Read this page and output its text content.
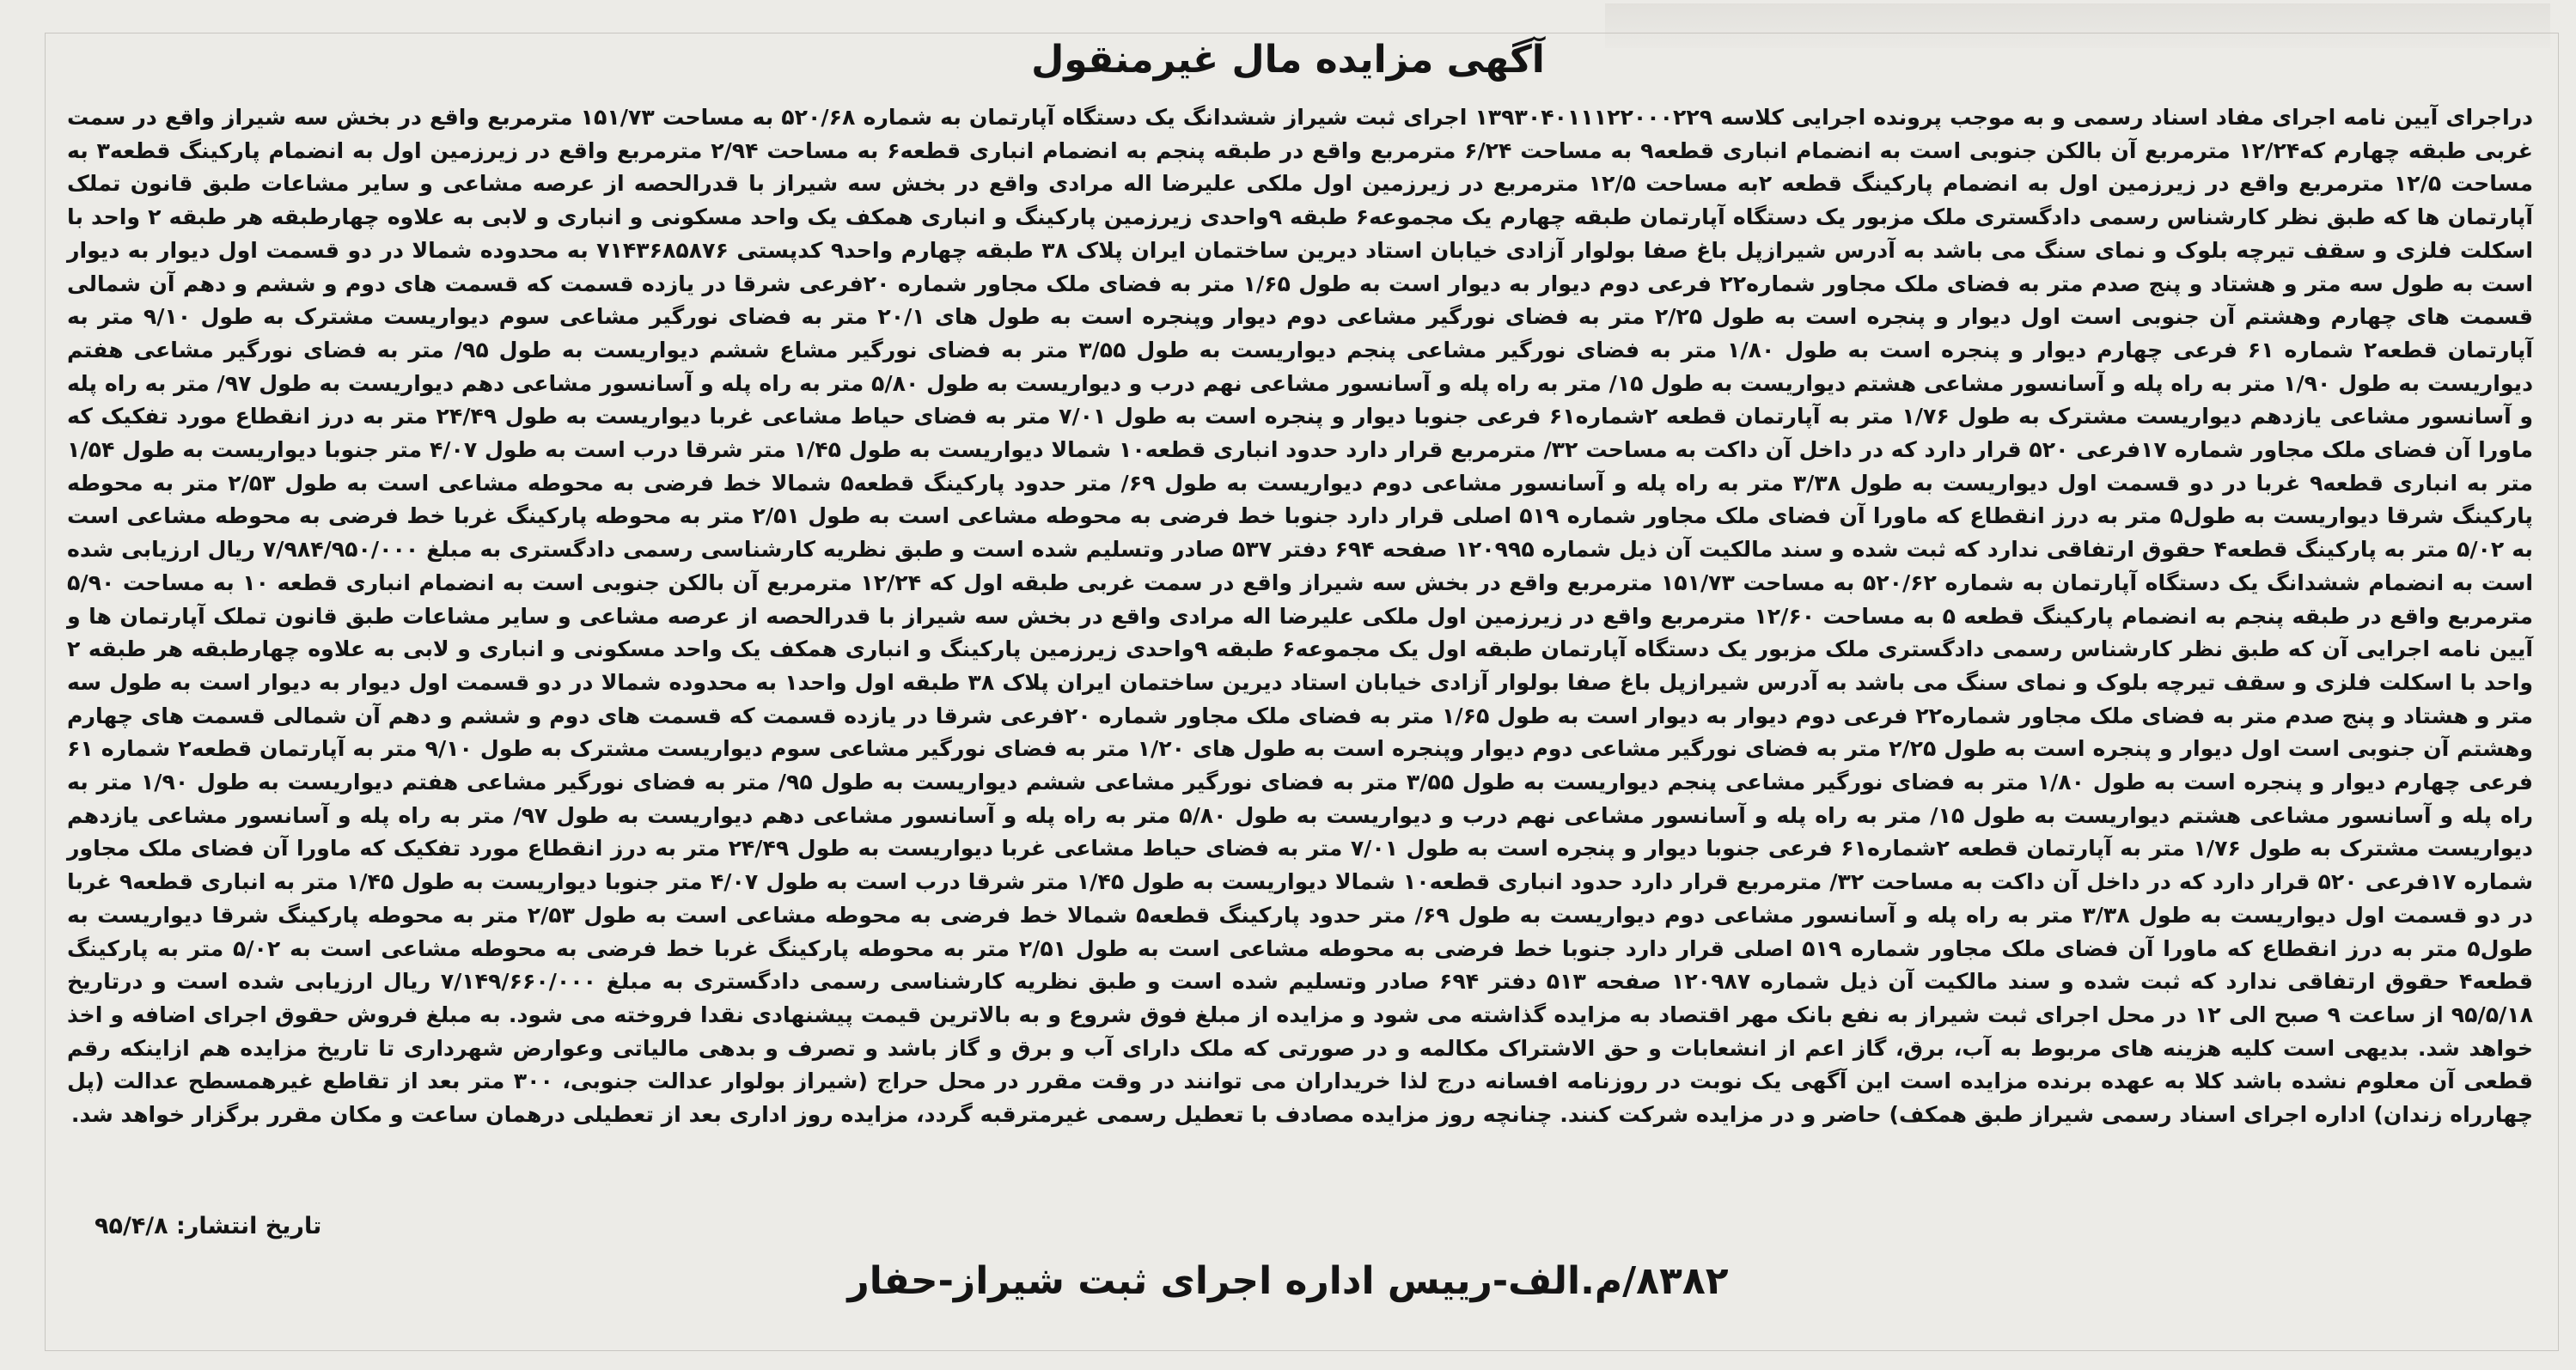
آگهی مزایده مال غیرمنقول

دراجرای آیین نامه اجرای مفاد اسناد رسمی و به موجب پرونده اجرایی کلاسه ۱۳۹۳۰۴۰۱۱۱۲۲۰۰۰۲۲۹ اجرای ثبت شیراز ششدانگ یک دستگاه آپارتمان به شماره ۵۲۰/۶۸ به مساحت ۱۵۱/۷۳ مترمربع واقع در بخش سه شیراز واقع در سمت غربی طبقه چهارم که۱۲/۲۴ مترمربع آن بالکن جنوبی است به انضمام انباری قطعه۹ به مساحت ۶/۲۴ مترمربع واقع در طبقه پنجم به انضمام انباری قطعه۶ به مساحت ۲/۹۴ مترمربع واقع در زیرزمین اول به انضمام پارکینگ قطعه۳ به مساحت ۱۲/۵ مترمربع واقع در زیرزمین اول به انضمام پارکینگ قطعه ۲به مساحت ۱۲/۵ مترمربع در زیرزمین اول ملکی علیرضا اله مرادی واقع در بخش سه شیراز با قدرالحصه از عرصه مشاعی و سایر مشاعات طبق قانون تملک آپارتمان ها که طبق نظر کارشناس رسمی دادگستری ملک مزبور یک دستگاه آپارتمان طبقه چهارم یک مجموعه۶ طبقه ۹واحدی زیرزمین پارکینگ و انباری همکف یک واحد مسکونی و انباری و لابی به علاوه چهارطبقه هر طبقه ۲ واحد با اسکلت فلزی و سقف تیرچه بلوک و نمای سنگ می باشد به آدرس شیرازپل باغ صفا بولوار آزادی خیابان استاد دیرین ساختمان ایران پلاک ۳۸ طبقه چهارم واحد۹ کدپستی ۷۱۴۳۶۸۵۸۷۶ به محدوده شمالا در دو قسمت اول دیوار به دیوار است به طول سه متر و هشتاد و پنج صدم متر به فضای ملک مجاور شماره۲۲ فرعی دوم دیوار به دیوار است به طول ۱/۶۵ متر به فضای ملک مجاور شماره ۲۰فرعی شرقا در یازده قسمت که قسمت های دوم و ششم و دهم آن شمالی قسمت های چهارم وهشتم آن جنوبی است اول دیوار و پنجره است به طول ۲/۲۵ متر به فضای نورگیر مشاعی دوم دیوار وپنجره است به طول های ۲۰/۱ متر به فضای نورگیر مشاعی سوم دیواریست مشترک به طول ۹/۱۰ متر به آپارتمان قطعه۲ شماره ۶۱ فرعی چهارم دیوار و پنجره است به طول ۱/۸۰ متر به فضای نورگیر مشاعی پنجم دیواریست به طول ۳/۵۵ متر به فضای نورگیر مشاع ششم دیواریست به طول ۹۵/ متر به فضای نورگیر مشاعی هفتم دیواریست به طول ۱/۹۰ متر به راه پله و آسانسور مشاعی هشتم دیواریست به طول ۱۵/ متر به راه پله و آسانسور مشاعی نهم درب و دیواریست به طول ۵/۸۰ متر به راه پله و آسانسور مشاعی دهم دیواریست به طول ۹۷/ متر به راه پله و آسانسور مشاعی یازدهم دیواریست مشترک به طول ۱/۷۶ متر به آپارتمان قطعه ۲شماره۶۱ فرعی جنوبا دیوار و پنجره است به طول ۷/۰۱ متر به فضای حیاط مشاعی غربا دیواریست به طول ۲۴/۴۹ متر به درز انقطاع مورد تفکیک که ماورا آن فضای ملک مجاور شماره ۱۷فرعی ۵۲۰ قرار دارد که در داخل آن داکت به مساحت ۳۲/ مترمربع قرار دارد حدود انباری قطعه۱۰ شمالا دیواریست به طول ۱/۴۵ متر شرقا درب است به طول ۴/۰۷ متر جنوبا دیواریست به طول ۱/۵۴ متر به انباری قطعه۹ غربا در دو قسمت اول دیواریست به طول ۳/۳۸ متر به راه پله و آسانسور مشاعی دوم دیواریست به طول ۶۹/ متر حدود پارکینگ قطعه۵ شمالا خط فرضی به محوطه مشاعی است به طول ۲/۵۳ متر به محوطه پارکینگ شرقا دیواریست به طول۵ متر به درز انقطاع که ماورا آن فضای ملک مجاور شماره ۵۱۹ اصلی قرار دارد جنوبا خط فرضی به محوطه مشاعی است به طول ۲/۵۱ متر به محوطه پارکینگ غربا خط فرضی به محوطه مشاعی است به ۵/۰۲ متر به پارکینگ قطعه۴ حقوق ارتفاقی ندارد که ثبت شده و سند مالکیت آن ذیل شماره ۱۲۰۹۹۵ صفحه ۶۹۴ دفتر ۵۳۷ صادر وتسلیم شده است و طبق نظریه کارشناسی رسمی دادگستری به مبلغ ۷/۹۸۴/۹۵۰/۰۰۰ ریال ارزیابی شده است به انضمام ششدانگ یک دستگاه آپارتمان به شماره ۵۲۰/۶۲ به مساحت ۱۵۱/۷۳ مترمربع واقع در بخش سه شیراز واقع در سمت غربی طبقه اول که ۱۲/۲۴ مترمربع آن بالکن جنوبی است به انضمام انباری قطعه ۱۰ به مساحت ۵/۹۰ مترمربع واقع در طبقه پنجم به انضمام پارکینگ قطعه ۵ به مساحت ۱۲/۶۰ مترمربع واقع در زیرزمین اول ملکی علیرضا اله مرادی واقع در بخش سه شیراز با قدرالحصه از عرصه مشاعی و سایر مشاعات طبق قانون تملک آپارتمان ها و آیین نامه اجرایی آن که طبق نظر کارشناس رسمی دادگستری ملک مزبور یک دستگاه آپارتمان طبقه اول یک مجموعه۶ طبقه ۹واحدی زیرزمین پارکینگ و انباری همکف یک واحد مسکونی و انباری و لابی به علاوه چهارطبقه هر طبقه ۲ واحد با اسکلت فلزی و سقف تیرچه بلوک و نمای سنگ می باشد به آدرس شیرازپل باغ صفا بولوار آزادی خیابان استاد دیرین ساختمان ایران پلاک ۳۸ طبقه اول واحد۱ به محدوده شمالا در دو قسمت اول دیوار به دیوار است به طول سه متر و هشتاد و پنج صدم متر به فضای ملک مجاور شماره۲۲ فرعی دوم دیوار به دیوار است به طول ۱/۶۵ متر به فضای ملک مجاور شماره ۲۰فرعی شرقا در یازده قسمت که قسمت های دوم و ششم و دهم آن شمالی قسمت های چهارم وهشتم آن جنوبی است اول دیوار و پنجره است به طول ۲/۲۵ متر به فضای نورگیر مشاعی دوم دیوار وپنجره است به طول های ۱/۲۰ متر به فضای نورگیر مشاعی سوم دیواریست مشترک به طول ۹/۱۰ متر به آپارتمان قطعه۲ شماره ۶۱ فرعی چهارم دیوار و پنجره است به طول ۱/۸۰ متر به فضای نورگیر مشاعی پنجم دیواریست به طول ۳/۵۵ متر به فضای نورگیر مشاعی ششم دیواریست به طول ۹۵/ متر به فضای نورگیر مشاعی هفتم دیواریست به طول ۱/۹۰ متر به راه پله و آسانسور مشاعی هشتم دیواریست به طول ۱۵/ متر به راه پله و آسانسور مشاعی نهم درب و دیواریست به طول ۵/۸۰ متر به راه پله و آسانسور مشاعی دهم دیواریست به طول ۹۷/ متر به راه پله و آسانسور مشاعی یازدهم دیواریست مشترک به طول ۱/۷۶ متر به آپارتمان قطعه ۲شماره۶۱ فرعی جنوبا دیوار و پنجره است به طول ۷/۰۱ متر به فضای حیاط مشاعی غربا دیواریست به طول ۲۴/۴۹ متر به درز انقطاع مورد تفکیک که ماورا آن فضای ملک مجاور شماره ۱۷فرعی ۵۲۰ قرار دارد که در داخل آن داکت به مساحت ۳۲/ مترمربع قرار دارد حدود انباری قطعه۱۰ شمالا دیواریست به طول ۱/۴۵ متر شرقا درب است به طول ۴/۰۷ متر جنوبا دیواریست به طول ۱/۴۵ متر به انباری قطعه۹ غربا در دو قسمت اول دیواریست به طول ۳/۳۸ متر به راه پله و آسانسور مشاعی دوم دیواریست به طول ۶۹/ متر حدود پارکینگ قطعه۵ شمالا خط فرضی به محوطه مشاعی است به طول ۲/۵۳ متر به محوطه پارکینگ شرقا دیواریست به طول۵ متر به درز انقطاع که ماورا آن فضای ملک مجاور شماره ۵۱۹ اصلی قرار دارد جنوبا خط فرضی به محوطه مشاعی است به طول ۲/۵۱ متر به محوطه پارکینگ غربا خط فرضی به محوطه مشاعی است به ۵/۰۲ متر به پارکینگ قطعه۴ حقوق ارتفاقی ندارد که ثبت شده و سند مالکیت آن ذیل شماره ۱۲۰۹۸۷ صفحه ۵۱۳ دفتر ۶۹۴ صادر وتسلیم شده است و طبق نظریه کارشناسی رسمی دادگستری به مبلغ ۷/۱۴۹/۶۶۰/۰۰۰ ریال ارزیابی شده است و درتاریخ ۹۵/۵/۱۸ از ساعت ۹ صبح الی ۱۲ در محل اجرای ثبت شیراز به نفع بانک مهر اقتصاد به مزایده گذاشته می شود و مزایده از مبلغ فوق شروع و به بالاترین قیمت پیشنهادی نقدا فروخته می شود. به مبلغ فروش حقوق اجرای اضافه و اخذ خواهد شد. بدیهی است کلیه هزینه های مربوط به آب، برق، گاز اعم از انشعابات و حق الاشتراک مکالمه و در صورتی که ملک دارای آب و برق و گاز باشد و تصرف و بدهی مالیاتی وعوارض شهرداری تا تاریخ مزایده هم ازاینکه رقم قطعی آن معلوم نشده باشد کلا به عهده برنده مزایده است این آگهی یک نوبت در روزنامه افسانه درج لذا خریداران می توانند در وقت مقرر در محل حراج (شیراز بولوار عدالت جنوبی، ۳۰۰ متر بعد از تقاطع غیرهمسطح عدالت (پل چهارراه زندان) اداره اجرای اسناد رسمی شیراز طبق همکف) حاضر و در مزایده شرکت کنند. چنانچه روز مزایده مصادف با تعطیل رسمی غیرمترقبه گردد، مزایده روز اداری بعد از تعطیلی درهمان ساعت و مکان مقرر برگزار خواهد شد.

تاریخ انتشار: ۹۵/۴/۸
۸۳۸۲/م.الف-رییس اداره اجرای ثبت شیراز-حفار
